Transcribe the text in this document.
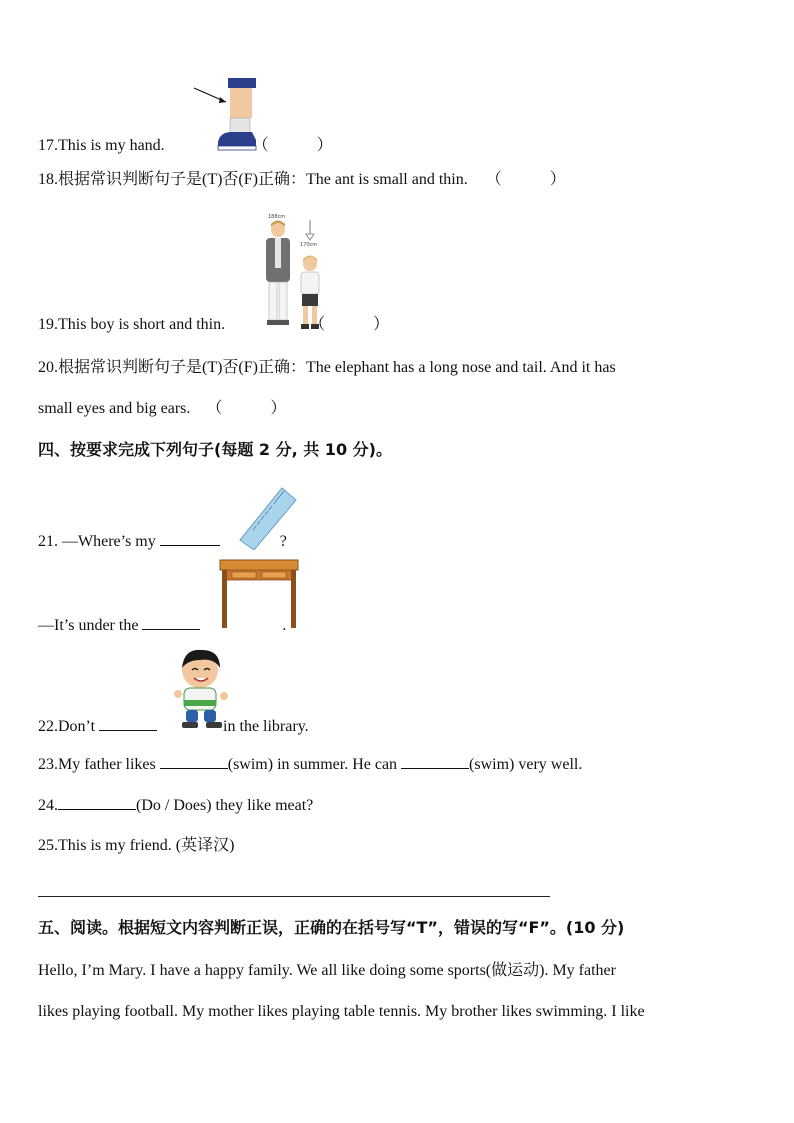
17.This is my hand.	（　　　）
18.根据常识判断句子是(T)否(F)正确：The ant is small and thin. （　　　）
188cm
170cm
19.This boy is short and thin.	（　　　）
20.根据常识判断句子是(T)否(F)正确：The elephant has a long nose and tail. And it has
small eyes and big ears. （　　　）
四、按要求完成下列句子(每题 2 分, 共 10 分)。
21. —Where’s my	?
—It’s under the	.
22.Don’t	in the library.
23.My father likes	(swim) in summer. He can	(swim) very well.
24.	(Do / Does) they like meat?
25.This is my friend. (英译汉)
五、阅读。根据短文内容判断正误，正确的在括号写“T”，错误的写“F”。(10 分)
Hello, I’m Mary. I have a happy family. We all like doing some sports(做运动). My father
likes playing football. My mother likes playing table tennis. My brother likes swimming. I like
